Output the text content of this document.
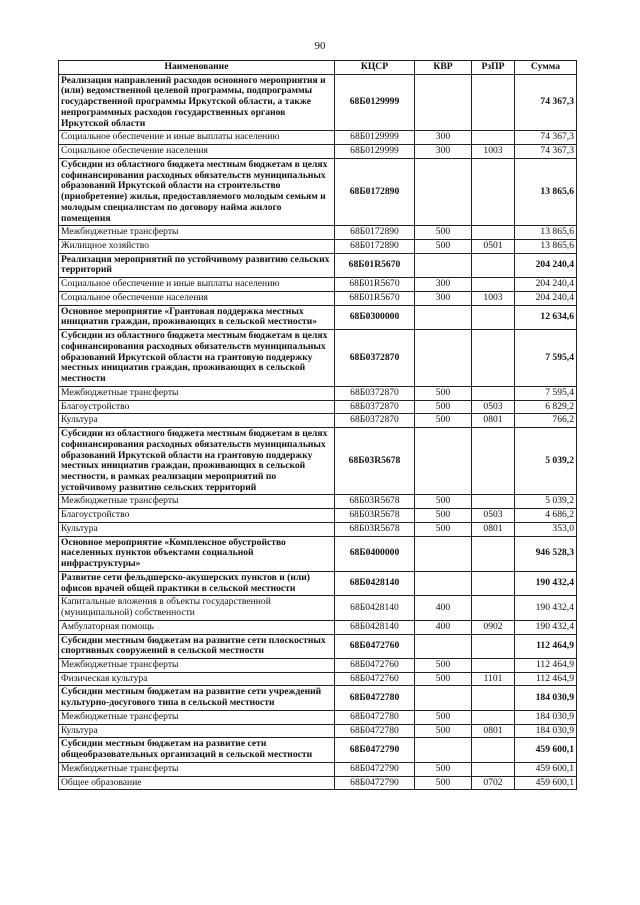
90
Наименование	КЦСР	КВР	РзПР	Сумма
Реализация направлений расходов основного мероприятия и (или) ведомственной целевой программы, подпрограммы государственной программы Иркутской области, а также непрограммных расходов государственных органов Иркутской области	68Б0129999			74 367,3
Социальное обеспечение и иные выплаты населению	68Б0129999	300		74 367,3
Социальное обеспечение населения	68Б0129999	300	1003	74 367,3
Субсидии из областного бюджета местным бюджетам в целях софинансирования расходных обязательств муниципальных образований Иркутской области на строительство (приобретение) жилья, предоставляемого молодым семьям и молодым специалистам по договору найма жилого помещения	68Б0172890			13 865,6
Межбюджетные трансферты	68Б0172890	500		13 865,6
Жилищное хозяйство	68Б0172890	500	0501	13 865,6
Реализация мероприятий по устойчивому развитию сельских территорий	68Б01R5670			204 240,4
Социальное обеспечение и иные выплаты населению	68Б01R5670	300		204 240,4
Социальное обеспечение населения	68Б01R5670	300	1003	204 240,4
Основное мероприятие «Грантовая поддержка местных инициатив граждан, проживающих в сельской местности»	68Б0300000			12 634,6
Субсидии из областного бюджета местным бюджетам в целях софинансирования расходных обязательств муниципальных образований Иркутской области на грантовую поддержку местных инициатив граждан, проживающих в сельской местности	68Б0372870			7 595,4
Межбюджетные трансферты	68Б0372870	500		7 595,4
Благоустройство	68Б0372870	500	0503	6 829,2
Культура	68Б0372870	500	0801	766,2
Субсидии из областного бюджета местным бюджетам в целях софинансирования расходных обязательств муниципальных образований Иркутской области на грантовую поддержку местных инициатив граждан, проживающих в сельской местности, в рамках реализации мероприятий по устойчивому развитию сельских территорий	68Б03R5678			5 039,2
Межбюджетные трансферты	68Б03R5678	500		5 039,2
Благоустройство	68Б03R5678	500	0503	4 686,2
Культура	68Б03R5678	500	0801	353,0
Основное мероприятие «Комплексное обустройство населенных пунктов объектами социальной инфраструктуры»	68Б0400000			946 528,3
Развитие сети фельдшерско-акушерских пунктов и (или) офисов врачей общей практики в сельской местности	68Б0428140			190 432,4
Капитальные вложения в объекты государственной (муниципальной) собственности	68Б0428140	400		190 432,4
Амбулаторная помощь	68Б0428140	400	0902	190 432,4
Субсидии местным бюджетам на развитие сети плоскостных спортивных сооружений в сельской местности	68Б0472760			112 464,9
Межбюджетные трансферты	68Б0472760	500		112 464,9
Физическая культура	68Б0472760	500	1101	112 464,9
Субсидии местным бюджетам на развитие сети учреждений культурно-досугового типа в сельской местности	68Б0472780			184 030,9
Межбюджетные трансферты	68Б0472780	500		184 030,9
Культура	68Б0472780	500	0801	184 030,9
Субсидии местным бюджетам на развитие сети общеобразовательных организаций в сельской местности	68Б0472790			459 600,1
Межбюджетные трансферты	68Б0472790	500		459 600,1
Общее образование	68Б0472790	500	0702	459 600,1
